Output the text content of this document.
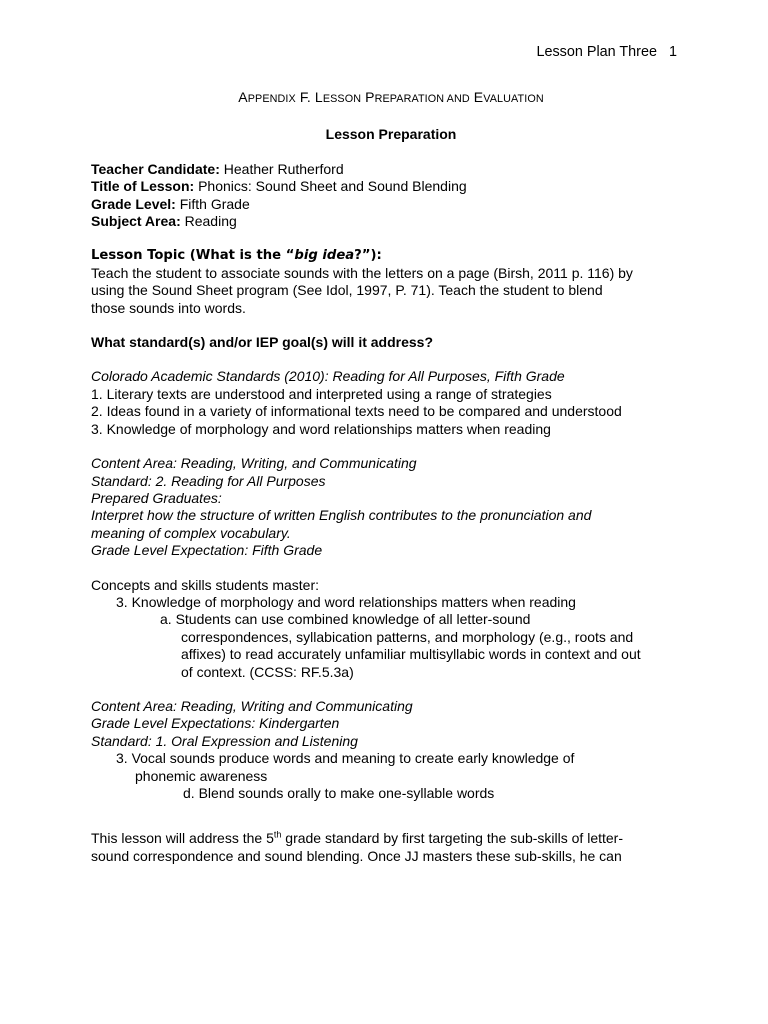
Lesson Plan Three 1

APPENDIX F. LESSON PREPARATION AND EVALUATION

Lesson Preparation

Teacher Candidate: Heather Rutherford

Title of Lesson: Phonics: Sound Sheet and Sound Blending

Grade Level: Fifth Grade

Subject Area: Reading

Lesson Topic (What is the “big idea?”):

Teach the student to associate sounds with the letters on a page (Birsh, 2011 p. 116) by

using the Sound Sheet program (See Idol, 1997, P. 71). Teach the student to blend

those sounds into words.

What standard(s) and/or IEP goal(s) will it address?

Colorado Academic Standards (2010): Reading for All Purposes, Fifth Grade

1. Literary texts are understood and interpreted using a range of strategies

2. Ideas found in a variety of informational texts need to be compared and understood

3. Knowledge of morphology and word relationships matters when reading

Content Area: Reading, Writing, and Communicating

Standard: 2. Reading for All Purposes

Prepared Graduates:

Interpret how the structure of written English contributes to the pronunciation and

meaning of complex vocabulary.

Grade Level Expectation: Fifth Grade

Concepts and skills students master:

3. Knowledge of morphology and word relationships matters when reading

a. Students can use combined knowledge of all letter-sound

correspondences, syllabication patterns, and morphology (e.g., roots and

affixes) to read accurately unfamiliar multisyllabic words in context and out

of context. (CCSS: RF.5.3a)

Content Area: Reading, Writing and Communicating

Grade Level Expectations: Kindergarten

Standard: 1. Oral Expression and Listening

3. Vocal sounds produce words and meaning to create early knowledge of

phonemic awareness

d. Blend sounds orally to make one-syllable words

This lesson will address the 5th grade standard by first targeting the sub-skills of letter-

sound correspondence and sound blending. Once JJ masters these sub-skills, he can
